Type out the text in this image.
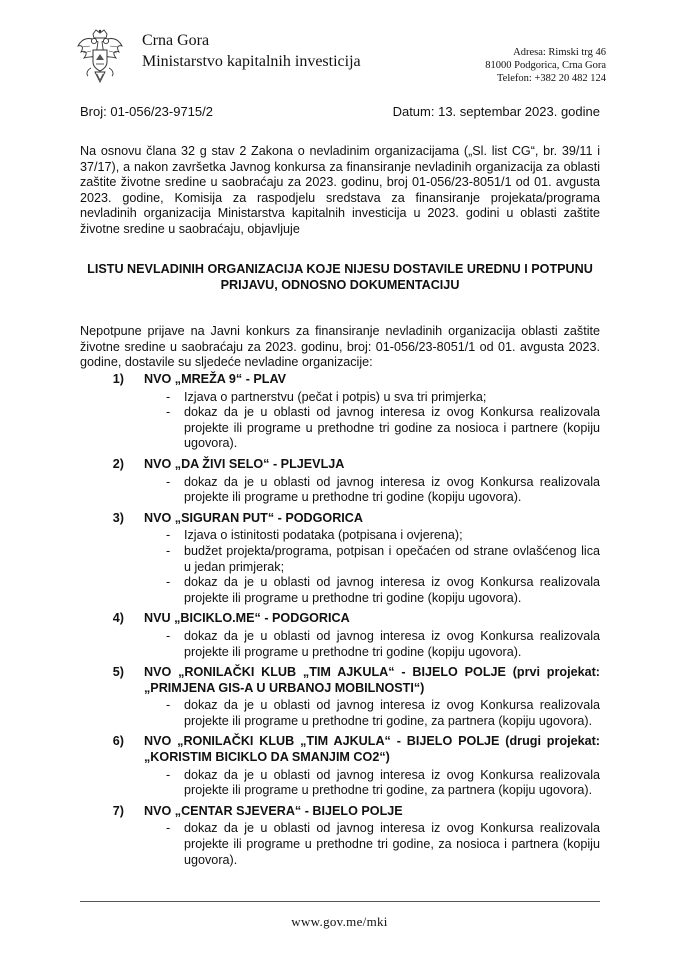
Crna Gora
Ministarstvo kapitalnih investicija
Adresa: Rimski trg 46
81000 Podgorica, Crna Gora
Telefon: +382 20 482 124
Broj: 01-056/23-9715/2	Datum: 13. septembar 2023. godine

Na osnovu člana 32 g stav 2 Zakona o nevladinim organizacijama („Sl. list CG“, br. 39/11 i 37/17), a nakon završetka Javnog konkursa za finansiranje nevladinih organizacija za oblasti zaštite životne sredine u saobraćaju za 2023. godinu, broj 01-056/23-8051/1 od 01. avgusta 2023. godine, Komisija za raspodjelu sredstava za finansiranje projekata/programa nevladinih organizacija Ministarstva kapitalnih investicija u 2023. godini u oblasti zaštite životne sredine u saobraćaju, objavljuje

LISTU NEVLADINIH ORGANIZACIJA KOJE NIJESU DOSTAVILE UREDNU I POTPUNU PRIJAVU, ODNOSNO DOKUMENTACIJU

Nepotpune prijave na Javni konkurs za finansiranje nevladinih organizacija oblasti zaštite životne sredine u saobraćaju za 2023. godinu, broj: 01-056/23-8051/1 od 01. avgusta 2023. godine, dostavile su sljedeće nevladine organizacije:

1) NVO „MREŽA 9“ - PLAV
- Izjava o partnerstvu (pečat i potpis) u sva tri primjerka;
- dokaz da je u oblasti od javnog interesa iz ovog Konkursa realizovala projekte ili programe u prethodne tri godine za nosioca i partnere (kopiju ugovora).
2) NVO „DA ŽIVI SELO“ - PLJEVLJA
- dokaz da je u oblasti od javnog interesa iz ovog Konkursa realizovala projekte ili programe u prethodne tri godine (kopiju ugovora).
3) NVO „SIGURAN PUT“ - PODGORICA
- Izjava o istinitosti podataka (potpisana i ovjerena);
- budžet projekta/programa, potpisan i opečaćen od strane ovlašćenog lica u jedan primjerak;
- dokaz da je u oblasti od javnog interesa iz ovog Konkursa realizovala projekte ili programe u prethodne tri godine (kopiju ugovora).
4) NVU „BICIKLO.ME“ - PODGORICA
- dokaz da je u oblasti od javnog interesa iz ovog Konkursa realizovala projekte ili programe u prethodne tri godine (kopiju ugovora).
5) NVO „RONILAČKI KLUB „TIM AJKULA“ - BIJELO POLJE (prvi projekat: „PRIMJENA GIS-A U URBANOJ MOBILNOSTI“)
- dokaz da je u oblasti od javnog interesa iz ovog Konkursa realizovala projekte ili programe u prethodne tri godine, za partnera (kopiju ugovora).
6) NVO „RONILAČKI KLUB „TIM AJKULA“ - BIJELO POLJE (drugi projekat: „KORISTIM BICIKLO DA SMANJIM CO2“)
- dokaz da je u oblasti od javnog interesa iz ovog Konkursa realizovala projekte ili programe u prethodne tri godine, za partnera (kopiju ugovora).
7) NVO „CENTAR SJEVERA“ - BIJELO POLJE
- dokaz da je u oblasti od javnog interesa iz ovog Konkursa realizovala projekte ili programe u prethodne tri godine, za nosioca i partnera (kopiju ugovora).
www.gov.me/mki
